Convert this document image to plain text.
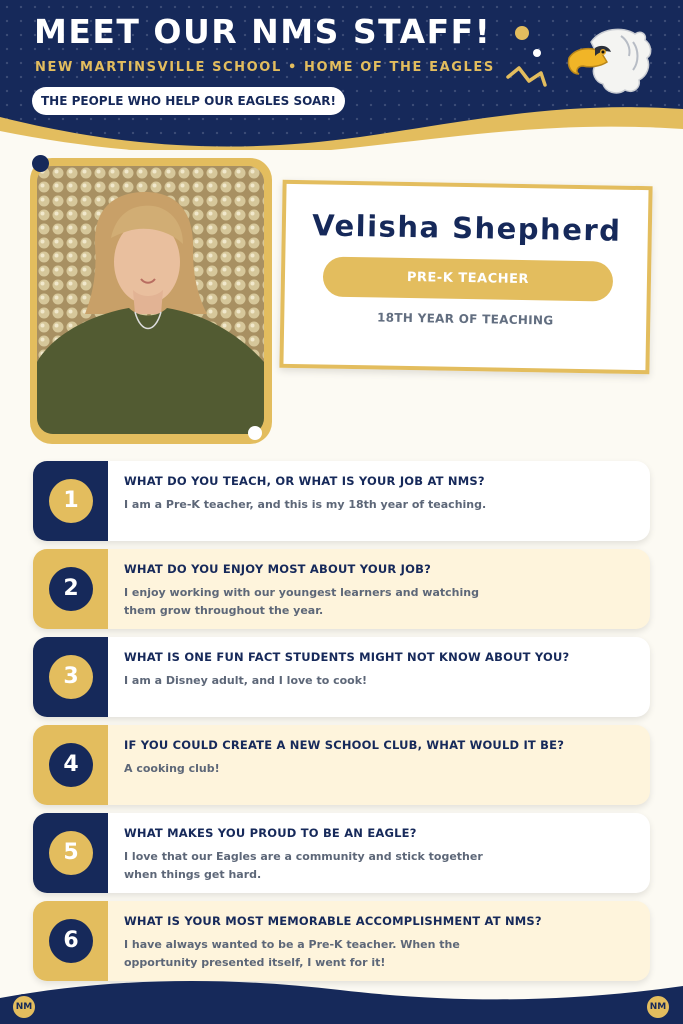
MEET OUR NMS STAFF!
NEW MARTINSVILLE SCHOOL • HOME OF THE EAGLES
THE PEOPLE WHO HELP OUR EAGLES SOAR!
Velisha Shepherd
PRE-K TEACHER
18TH YEAR OF TEACHING
1
WHAT DO YOU TEACH, OR WHAT IS YOUR JOB AT NMS?
I am a Pre-K teacher, and this is my 18th year of teaching.
2
WHAT DO YOU ENJOY MOST ABOUT YOUR JOB?
I enjoy working with our youngest learners and watching them grow throughout the year.
3
WHAT IS ONE FUN FACT STUDENTS MIGHT NOT KNOW ABOUT YOU?
I am a Disney adult, and I love to cook!
4
IF YOU COULD CREATE A NEW SCHOOL CLUB, WHAT WOULD IT BE?
A cooking club!
5
WHAT MAKES YOU PROUD TO BE AN EAGLE?
I love that our Eagles are a community and stick together when things get hard.
6
WHAT IS YOUR MOST MEMORABLE ACCOMPLISHMENT AT NMS?
I have always wanted to be a Pre-K teacher. When the opportunity presented itself, I went for it!
NM	NM
